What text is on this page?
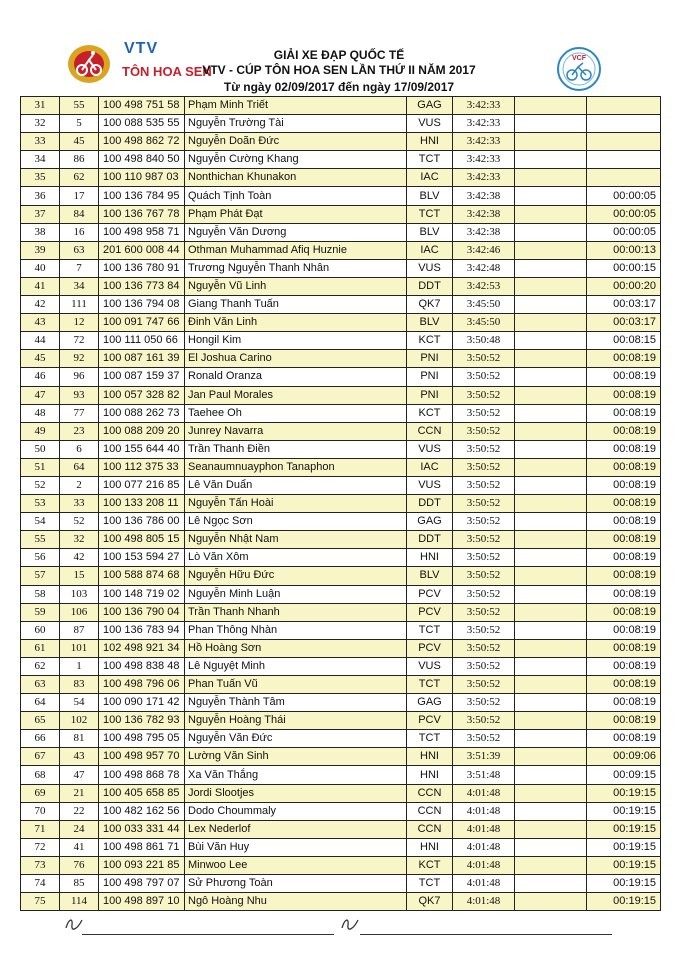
VTV
TÔN HOA SEN
GIẢI XE ĐẠP QUỐC TẾ
VTV - CÚP TÔN HOA SEN LẦN THỨ II NĂM 2017
Từ ngày 02/09/2017 đến ngày 17/09/2017
VCF
31	55	100 498 751 58	Phạm Minh Triết	GAG	3:42:33		
32	5	100 088 535 55	Nguyễn Trường Tài	VUS	3:42:33		
33	45	100 498 862 72	Nguyễn Doãn Đức	HNI	3:42:33		
34	86	100 498 840 50	Nguyễn Cường Khang	TCT	3:42:33		
35	62	100 110 987 03	Nonthichan Khunakon	IAC	3:42:33		
36	17	100 136 784 95	Quách Tịnh Toàn	BLV	3:42:38		00:00:05
37	84	100 136 767 78	Phạm Phát Đạt	TCT	3:42:38		00:00:05
38	16	100 498 958 71	Nguyễn Văn Dương	BLV	3:42:38		00:00:05
39	63	201 600 008 44	Othman Muhammad Afiq Huznie	IAC	3:42:46		00:00:13
40	7	100 136 780 91	Trương Nguyễn Thanh Nhân	VUS	3:42:48		00:00:15
41	34	100 136 773 84	Nguyễn Vũ Linh	DDT	3:42:53		00:00:20
42	111	100 136 794 08	Giang Thanh Tuấn	QK7	3:45:50		00:03:17
43	12	100 091 747 66	Đinh Văn Linh	BLV	3:45:50		00:03:17
44	72	100 111 050 66	Hongil Kim	KCT	3:50:48		00:08:15
45	92	100 087 161 39	El Joshua Carino	PNI	3:50:52		00:08:19
46	96	100 087 159 37	Ronald Oranza	PNI	3:50:52		00:08:19
47	93	100 057 328 82	Jan Paul Morales	PNI	3:50:52		00:08:19
48	77	100 088 262 73	Taehee Oh	KCT	3:50:52		00:08:19
49	23	100 088 209 20	Junrey Navarra	CCN	3:50:52		00:08:19
50	6	100 155 644 40	Trần Thanh Điền	VUS	3:50:52		00:08:19
51	64	100 112 375 33	Seanaumnuayphon Tanaphon	IAC	3:50:52		00:08:19
52	2	100 077 216 85	Lê Văn Duẩn	VUS	3:50:52		00:08:19
53	33	100 133 208 11	Nguyễn Tấn Hoài	DDT	3:50:52		00:08:19
54	52	100 136 786 00	Lê Ngọc Sơn	GAG	3:50:52		00:08:19
55	32	100 498 805 15	Nguyễn Nhật Nam	DDT	3:50:52		00:08:19
56	42	100 153 594 27	Lò Văn Xôm	HNI	3:50:52		00:08:19
57	15	100 588 874 68	Nguyễn Hữu Đức	BLV	3:50:52		00:08:19
58	103	100 148 719 02	Nguyễn Minh Luận	PCV	3:50:52		00:08:19
59	106	100 136 790 04	Trần Thanh Nhanh	PCV	3:50:52		00:08:19
60	87	100 136 783 94	Phan Thông Nhàn	TCT	3:50:52		00:08:19
61	101	102 498 921 34	Hồ Hoàng Sơn	PCV	3:50:52		00:08:19
62	1	100 498 838 48	Lê Nguyệt Minh	VUS	3:50:52		00:08:19
63	83	100 498 796 06	Phan Tuấn Vũ	TCT	3:50:52		00:08:19
64	54	100 090 171 42	Nguyễn Thành Tâm	GAG	3:50:52		00:08:19
65	102	100 136 782 93	Nguyễn Hoàng Thái	PCV	3:50:52		00:08:19
66	81	100 498 795 05	Nguyễn Văn Đức	TCT	3:50:52		00:08:19
67	43	100 498 957 70	Lường Văn Sinh	HNI	3:51:39		00:09:06
68	47	100 498 868 78	Xa Văn Thắng	HNI	3:51:48		00:09:15
69	21	100 405 658 85	Jordi Slootjes	CCN	4:01:48		00:19:15
70	22	100 482 162 56	Dodo Choummaly	CCN	4:01:48		00:19:15
71	24	100 033 331 44	Lex Nederlof	CCN	4:01:48		00:19:15
72	41	100 498 861 71	Bùi Văn Huy	HNI	4:01:48		00:19:15
73	76	100 093 221 85	Minwoo Lee	KCT	4:01:48		00:19:15
74	85	100 498 797 07	Sử Phương Toàn	TCT	4:01:48		00:19:15
75	114	100 498 897 10	Ngô Hoàng Nhu	QK7	4:01:48		00:19:15
